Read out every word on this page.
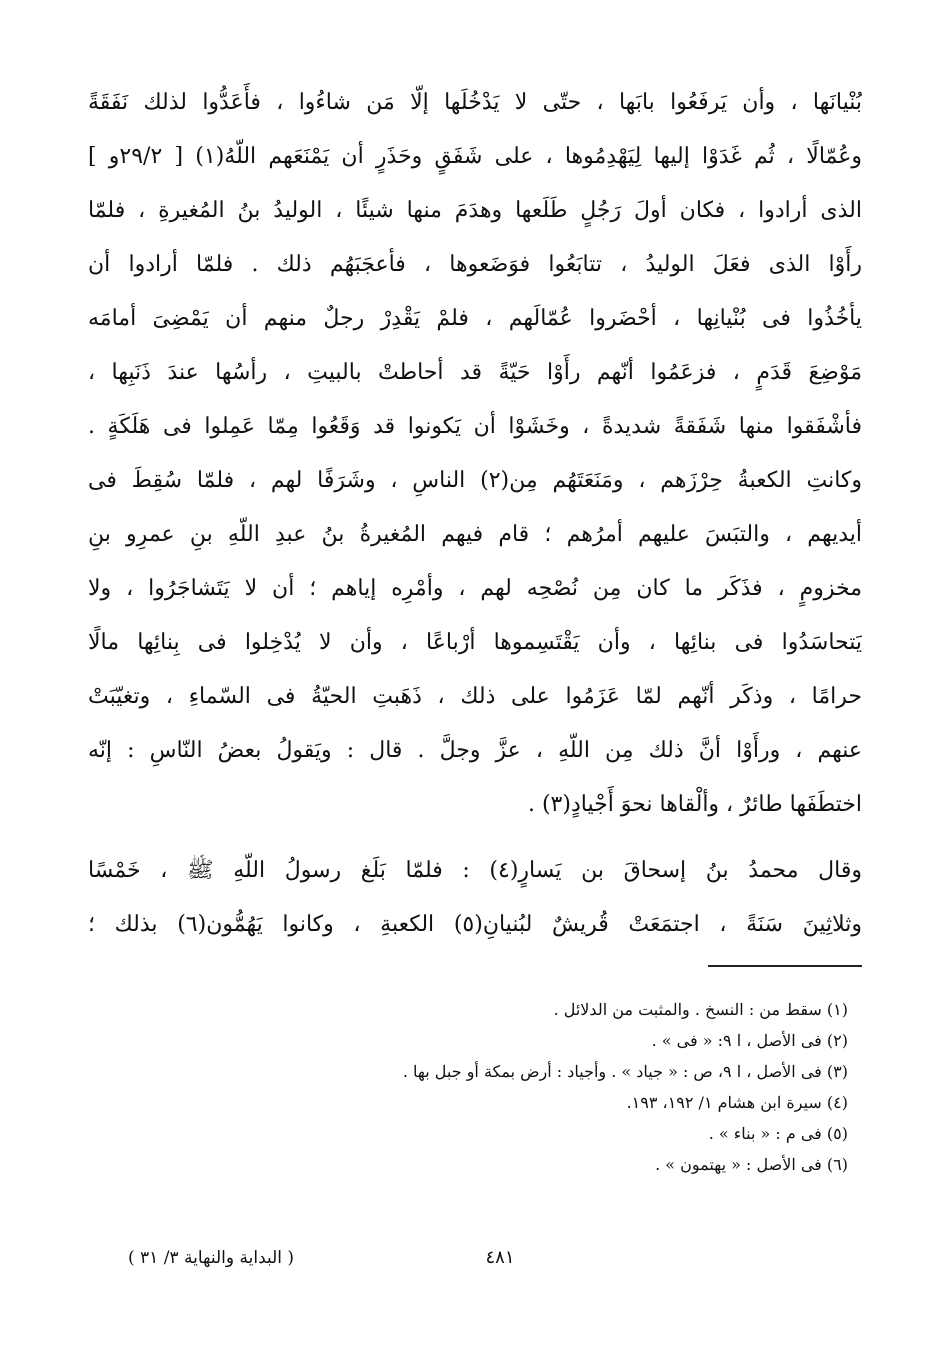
بُنْيانَها ، وأن يَرفَعُوا بابَها ، حتّى لا يَدْخُلَها إلّا مَن شاءُوا ، فأَعَدُّوا لذلك نَفَقَةً
وعُمّالًا ، ثُم غَدَوْا إليها لِيَهْدِمُوها ، على شَفَقٍ وحَذَرٍ أن يَمْنَعَهم اللّهُ(١) [ ٢٩/٢و ]
الذى أرادوا ، فكان أولَ رَجُلٍ طَلَعها وهدَمَ منها شيئًا ، الوليدُ بنُ المُغيرةِ ، فلمّا
رأَوْا الذى فعَلَ الوليدُ ، تتابَعُوا فوَضَعوها ، فأعجَبَهُم ذلك . فلمّا أرادوا أن
يأخُذُوا فى بُنْيانِها ، أحْضَروا عُمّالَهم ، فلمْ يَقْدِرْ رجلٌ منهم أن يَمْضِىَ أمامَه
مَوْضِعَ قَدَمٍ ، فزعَمُوا أنّهم رأَوْا حَيّةً قد أحاطتْ بالبيتِ ، رأسُها عندَ ذَنَبِها ،
فأشْفَقوا منها شَفَقةً شديدةً ، وخَشَوْا أن يَكونوا قد وَقَعُوا مِمّا عَمِلوا فى هَلَكَةٍ .
وكانتِ الكعبةُ حِرْزَهم ، ومَنَعَتَهُم مِن(٢) الناسِ ، وشَرَفًا لهم ، فلمّا سُقِطَ فى
أيديهم ، والتبَسَ عليهم أمرُهم ؛ قام فيهم المُغيرةُ بنُ عبدِ اللّهِ بنِ عمرِو بنِ
مخزومٍ ، فذَكَر ما كان مِن نُصْحِه لهم ، وأمْرِه إياهم ؛ أن لا يَتَشاجَرُوا ، ولا
يَتحاسَدُوا فى بنائِها ، وأن يَقْتَسِموها أرْباعًا ، وأن لا يُدْخِلوا فى بِنائِها مالًا
حرامًا ، وذكَر أنّهم لمّا عَزَمُوا على ذلك ، ذَهَبتِ الحيّةُ فى السّماءِ ، وتغيّبَتْ
عنهم ، ورأَوْا أنَّ ذلك مِن اللّهِ ، عزَّ وجلَّ . قال : ويَقولُ بعضُ النّاسِ : إنّه
اختطَفَها طائرٌ ، وألْقاها نحوَ أَجْيادٍ(٣) .
وقال محمدُ بنُ إسحاقَ بن يَسارٍ(٤) : فلمّا بَلَغ رسولُ اللّهِ ﷺ ، خَمْسًا
وثلاثِينَ سَنَةً ، اجتمَعَتْ قُريشٌ لبُنيانِ(٥) الكعبةِ ، وكانوا يَهُمُّون(٦) بذلك ؛
(١) سقط من : النسخ . والمثبت من الدلائل .
(٢) فى الأصل ، ا ٩: « فى » .
(٣) فى الأصل ، ا ٩، ص : « جياد » . وأجياد : أرض بمكة أو جبل بها .
(٤) سيرة ابن هشام ١/ ١٩٢، ١٩٣.
(٥) فى م : « بناء » .
(٦) فى الأصل : « يهتمون » .
( البداية والنهاية ٣/ ٣١ )	٤٨١
